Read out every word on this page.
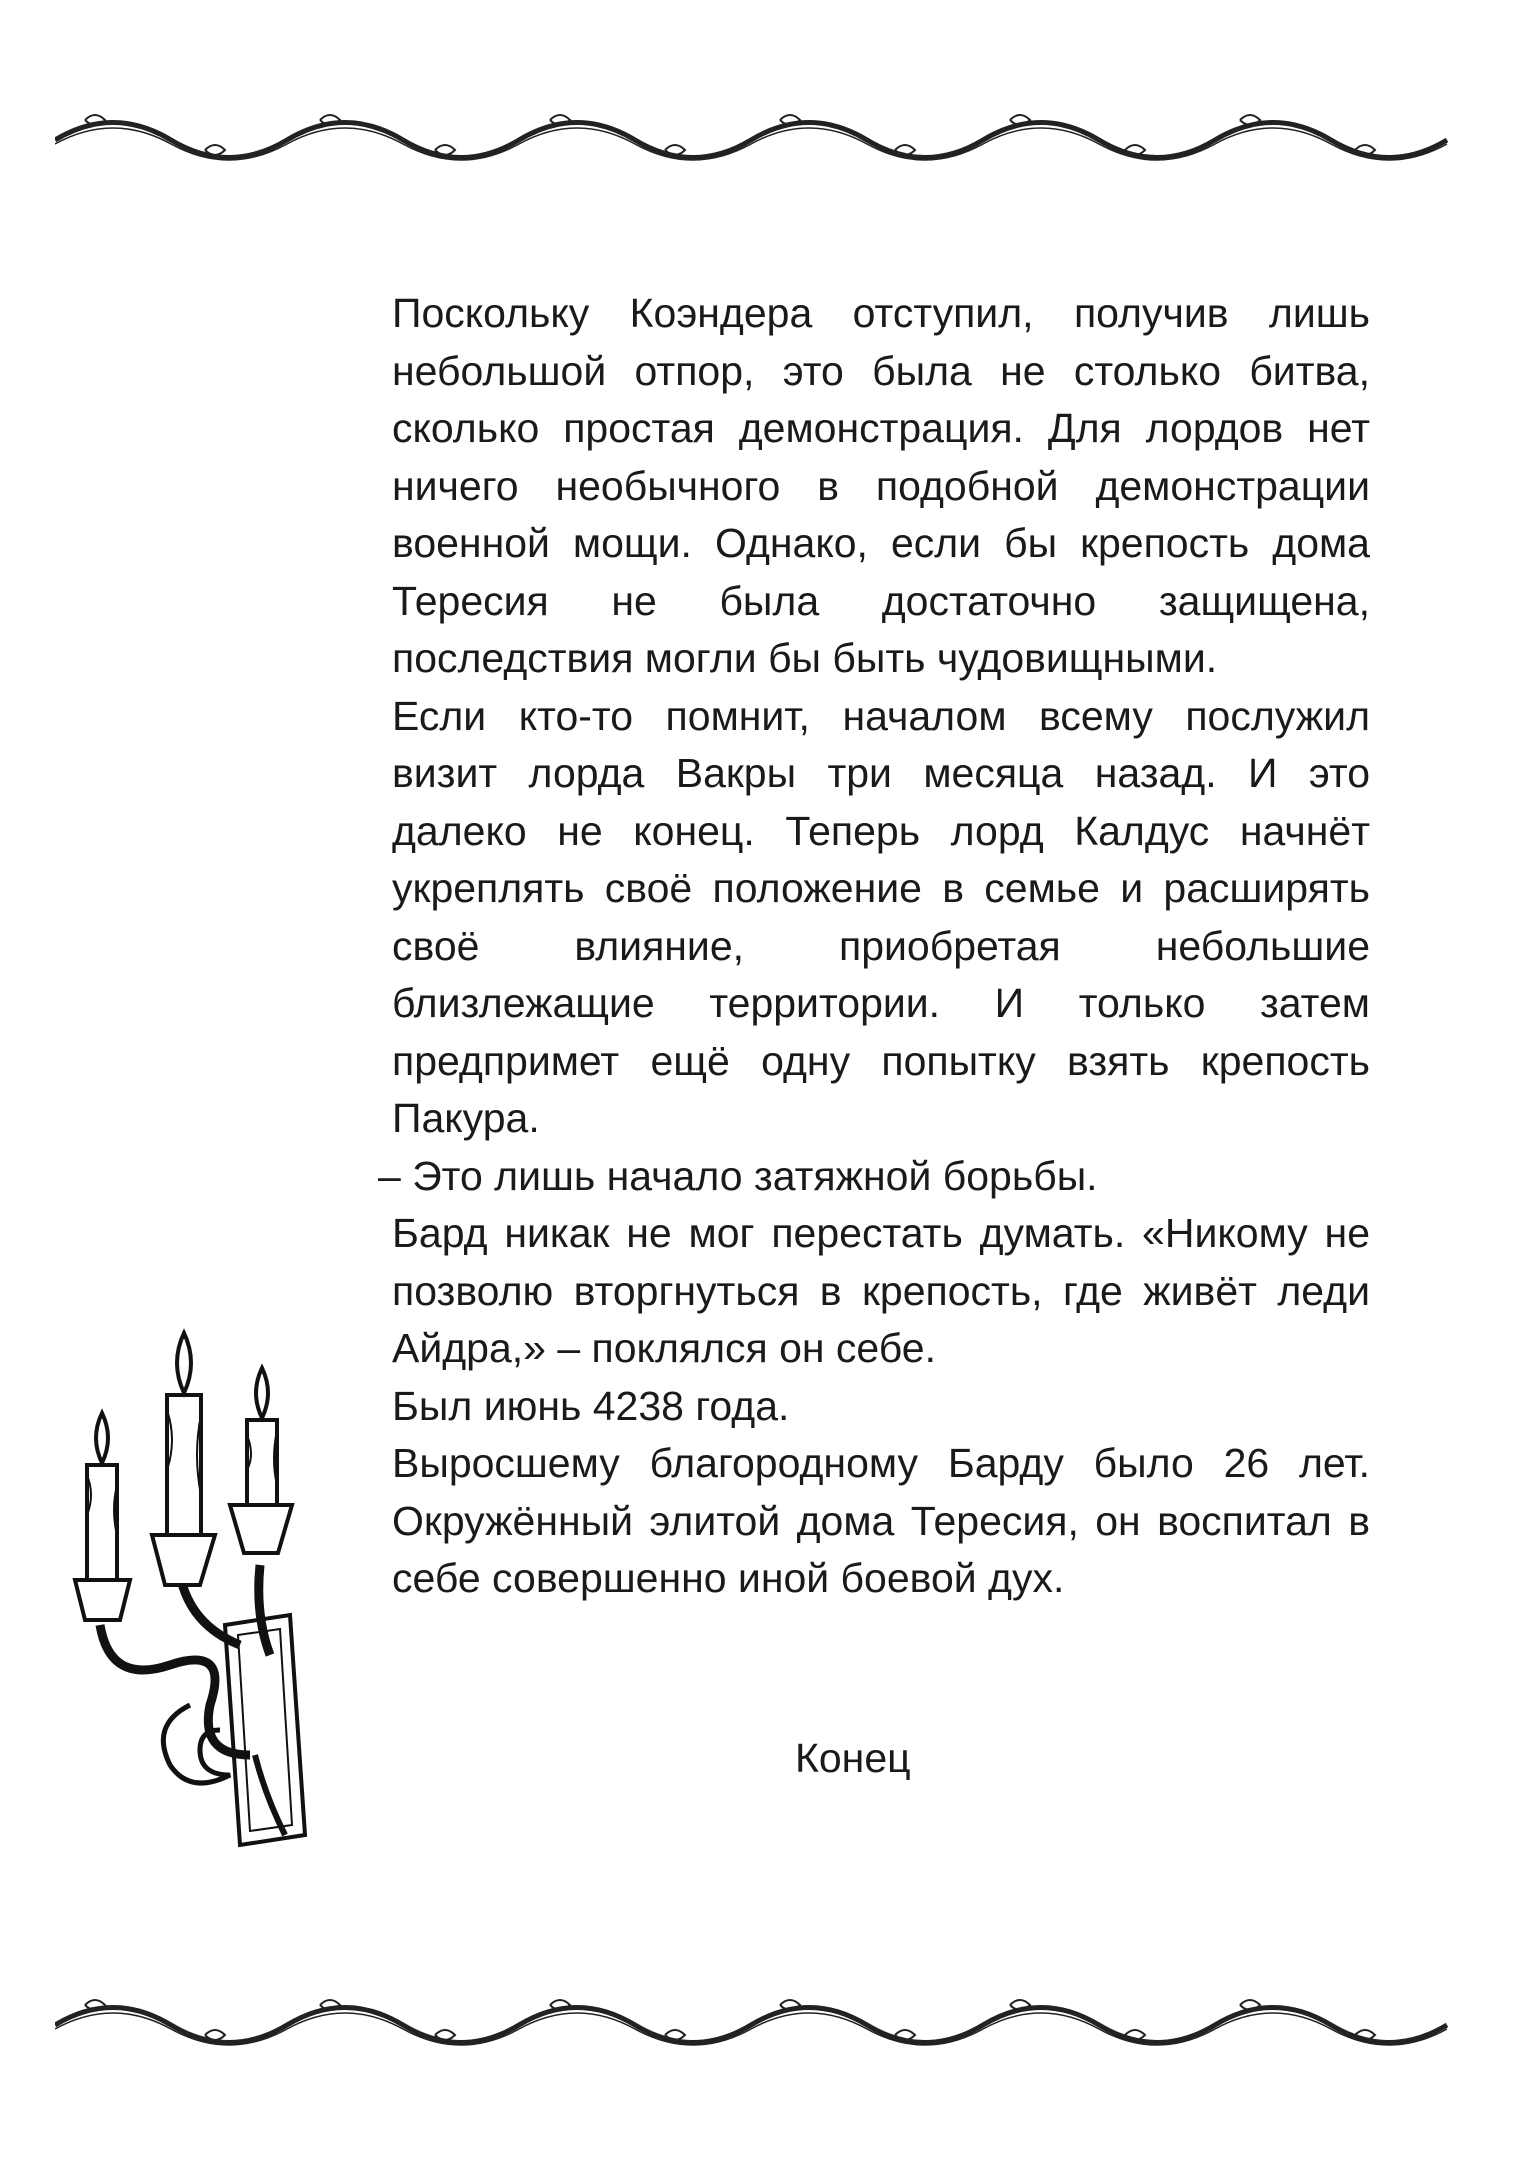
Поскольку Коэндера отступил, получив лишь небольшой отпор, это была не столько битва, сколько простая демонстрация. Для лордов нет ничего необычного в подобной демонстрации военной мощи. Однако, если бы крепость дома Тересия не была достаточно защищена, последствия могли бы быть чудовищными.

Если кто-то помнит, началом всему послужил визит лорда Вакры три месяца назад. И это далеко не конец. Теперь лорд Калдус начнёт укреплять своё положение в семье и расширять своё влияние, приобретая небольшие близлежащие территории. И только затем предпримет ещё одну попытку взять крепость Пакура.

– Это лишь начало затяжной борьбы.

Бард никак не мог перестать думать. «Никому не позволю вторгнуться в крепость, где живёт леди Айдра,» – поклялся он себе.

Был июнь 4238 года.

Выросшему благородному Барду было 26 лет. Окружённый элитой дома Тересия, он воспитал в себе совершенно иной боевой дух.

Конец
